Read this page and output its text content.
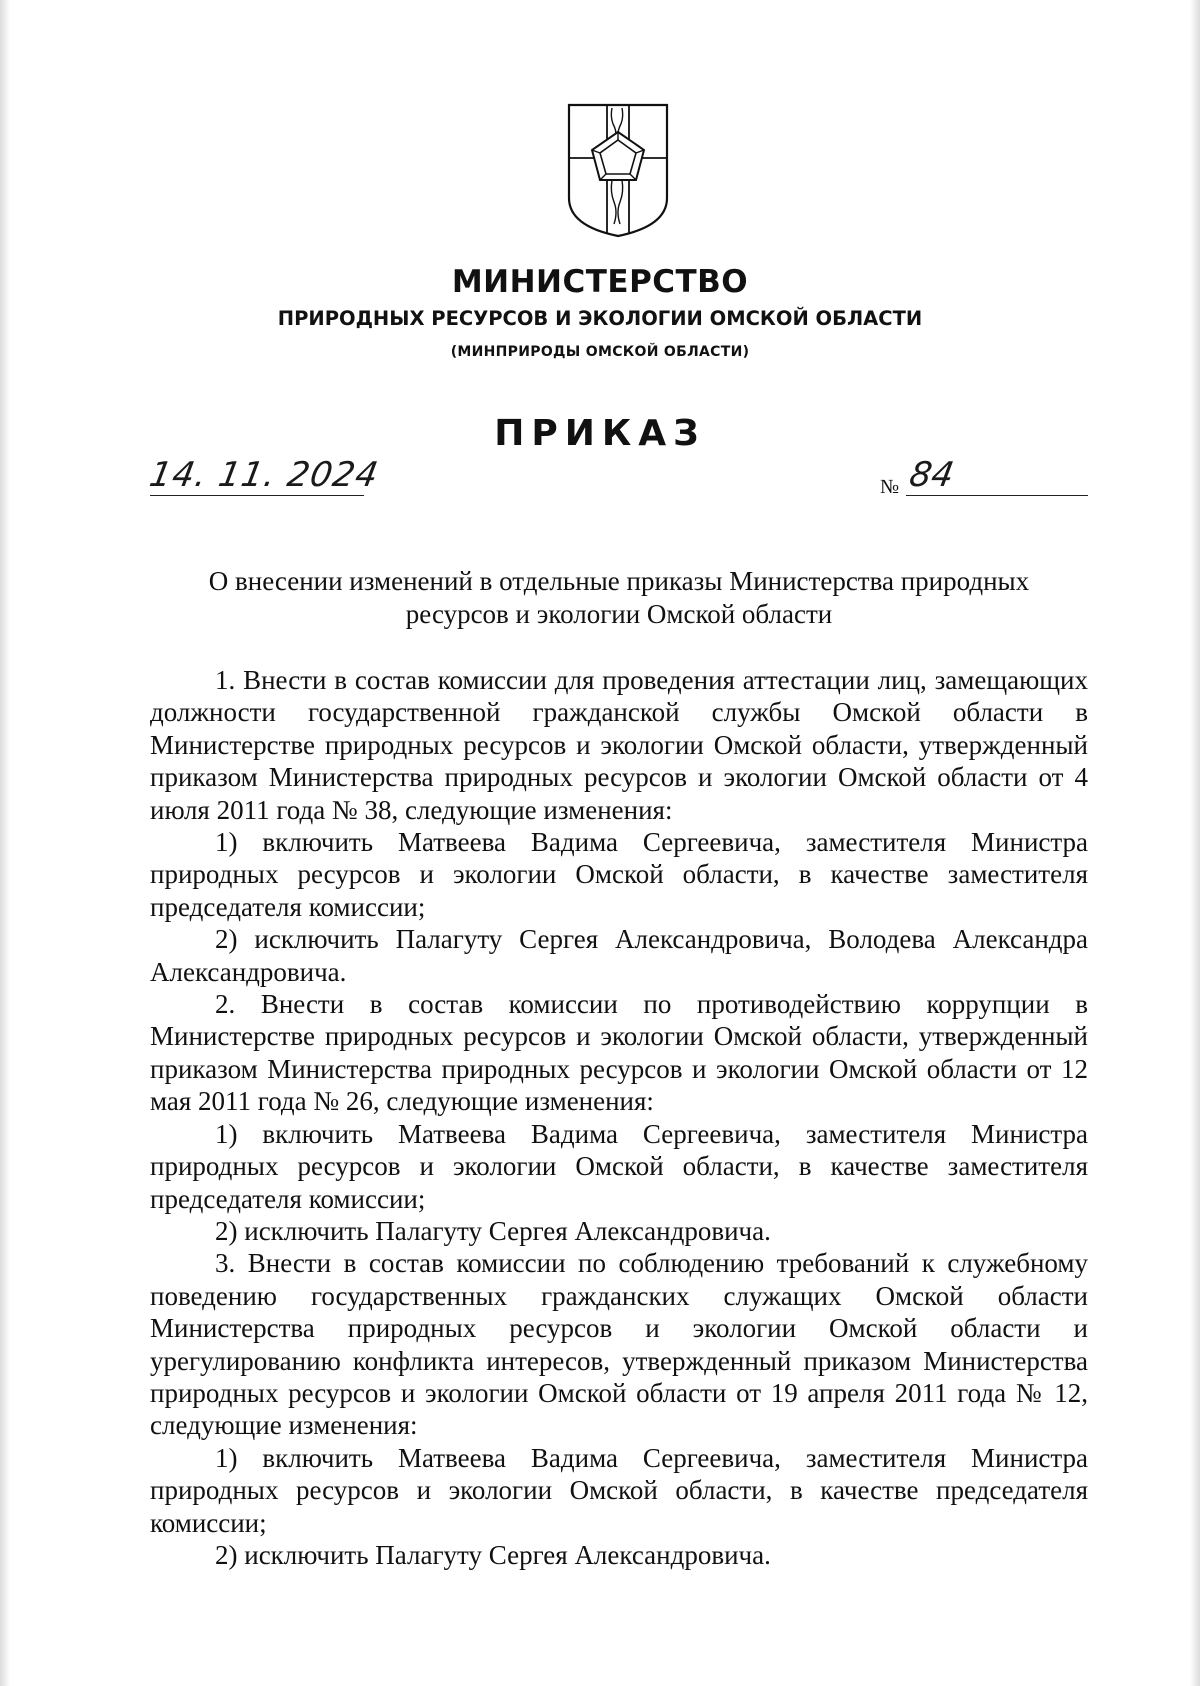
МИНИСТЕРСТВО
ПРИРОДНЫХ РЕСУРСОВ И ЭКОЛОГИИ ОМСКОЙ ОБЛАСТИ
(МИНПРИРОДЫ ОМСКОЙ ОБЛАСТИ)
ПРИКАЗ
14. 11. 2024	№ 84
О внесении изменений в отдельные приказы Министерства природных
ресурсов и экологии Омской области

1. Внести в состав комиссии для проведения аттестации лиц, замещающих должности государственной гражданской службы Омской области в Министерстве природных ресурсов и экологии Омской области, утвержденный приказом Министерства природных ресурсов и экологии Омской области от 4 июля 2011 года № 38, следующие изменения:

1) включить Матвеева Вадима Сергеевича, заместителя Министра природных ресурсов и экологии Омской области, в качестве заместителя председателя комиссии;

2) исключить Палагуту Сергея Александровича, Володева Александра Александровича.

2. Внести в состав комиссии по противодействию коррупции в Министерстве природных ресурсов и экологии Омской области, утвержденный приказом Министерства природных ресурсов и экологии Омской области от 12 мая 2011 года № 26, следующие изменения:

1) включить Матвеева Вадима Сергеевича, заместителя Министра природных ресурсов и экологии Омской области, в качестве заместителя председателя комиссии;

2) исключить Палагуту Сергея Александровича.

3. Внести в состав комиссии по соблюдению требований к служебному поведению государственных гражданских служащих Омской области Министерства природных ресурсов и экологии Омской области и урегулированию конфликта интересов, утвержденный приказом Министерства природных ресурсов и экологии Омской области от 19 апреля 2011 года № 12, следующие изменения:

1) включить Матвеева Вадима Сергеевича, заместителя Министра природных ресурсов и экологии Омской области, в качестве председателя комиссии;

2) исключить Палагуту Сергея Александровича.
